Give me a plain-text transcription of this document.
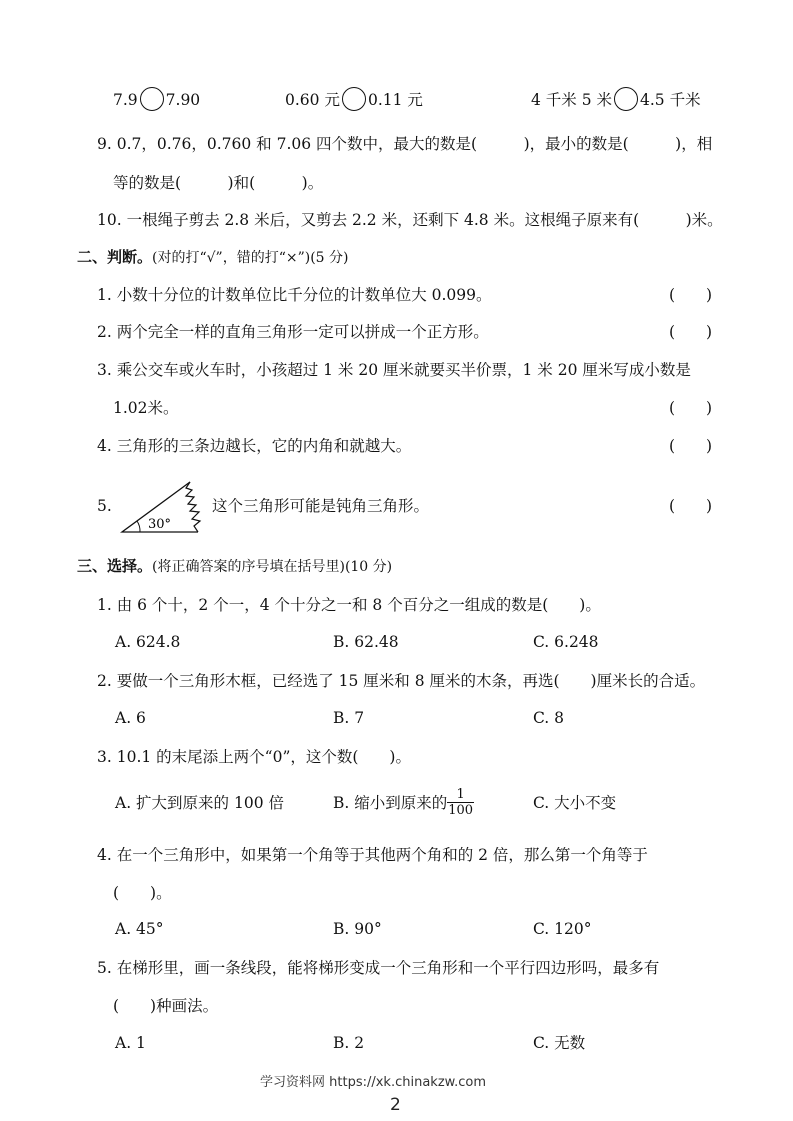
7.9 7.90	0.60 元 0.11 元	4 千米 5 米 4.5 千米
9. 0.7，0.76，0.760 和 7.06 四个数中，最大的数是(　　　)，最小的数是(　　　)，相
等的数是(　　　)和(　　　)。
10. 一根绳子剪去 2.8 米后，又剪去 2.2 米，还剩下 4.8 米。这根绳子原来有(　　　)米。
二、判断。(对的打“√”，错的打“×”)(5 分)
1. 小数十分位的计数单位比千分位的计数单位大 0.099。	(　　)
2. 两个完全一样的直角三角形一定可以拼成一个正方形。	(　　)
3. 乘公交车或火车时，小孩超过 1 米 20 厘米就要买半价票，1 米 20 厘米写成小数是
1.02米。	(　　)
4. 三角形的三条边越长，它的内角和就越大。	(　　)
5.
30°
这个三角形可能是钝角三角形。	(　　)
三、选择。(将正确答案的序号填在括号里)(10 分)
1. 由 6 个十，2 个一，4 个十分之一和 8 个百分之一组成的数是(　　)。
A. 624.8	B. 62.48	C. 6.248
2. 要做一个三角形木框，已经选了 15 厘米和 8 厘米的木条，再选(　　)厘米长的合适。
A. 6	B. 7	C. 8
3. 10.1 的末尾添上两个“0”，这个数(　　)。
A. 扩大到原来的 100 倍	B. 缩小到原来的 $\frac{1}{100}$	C. 大小不变
4. 在一个三角形中，如果第一个角等于其他两个角和的 2 倍，那么第一个角等于
(　　)。
A. 45°	B. 90°	C. 120°
5. 在梯形里，画一条线段，能将梯形变成一个三角形和一个平行四边形吗，最多有
(　　)种画法。
A. 1	B. 2	C. 无数
学习资料网 https://xk.chinakzw.com
2
